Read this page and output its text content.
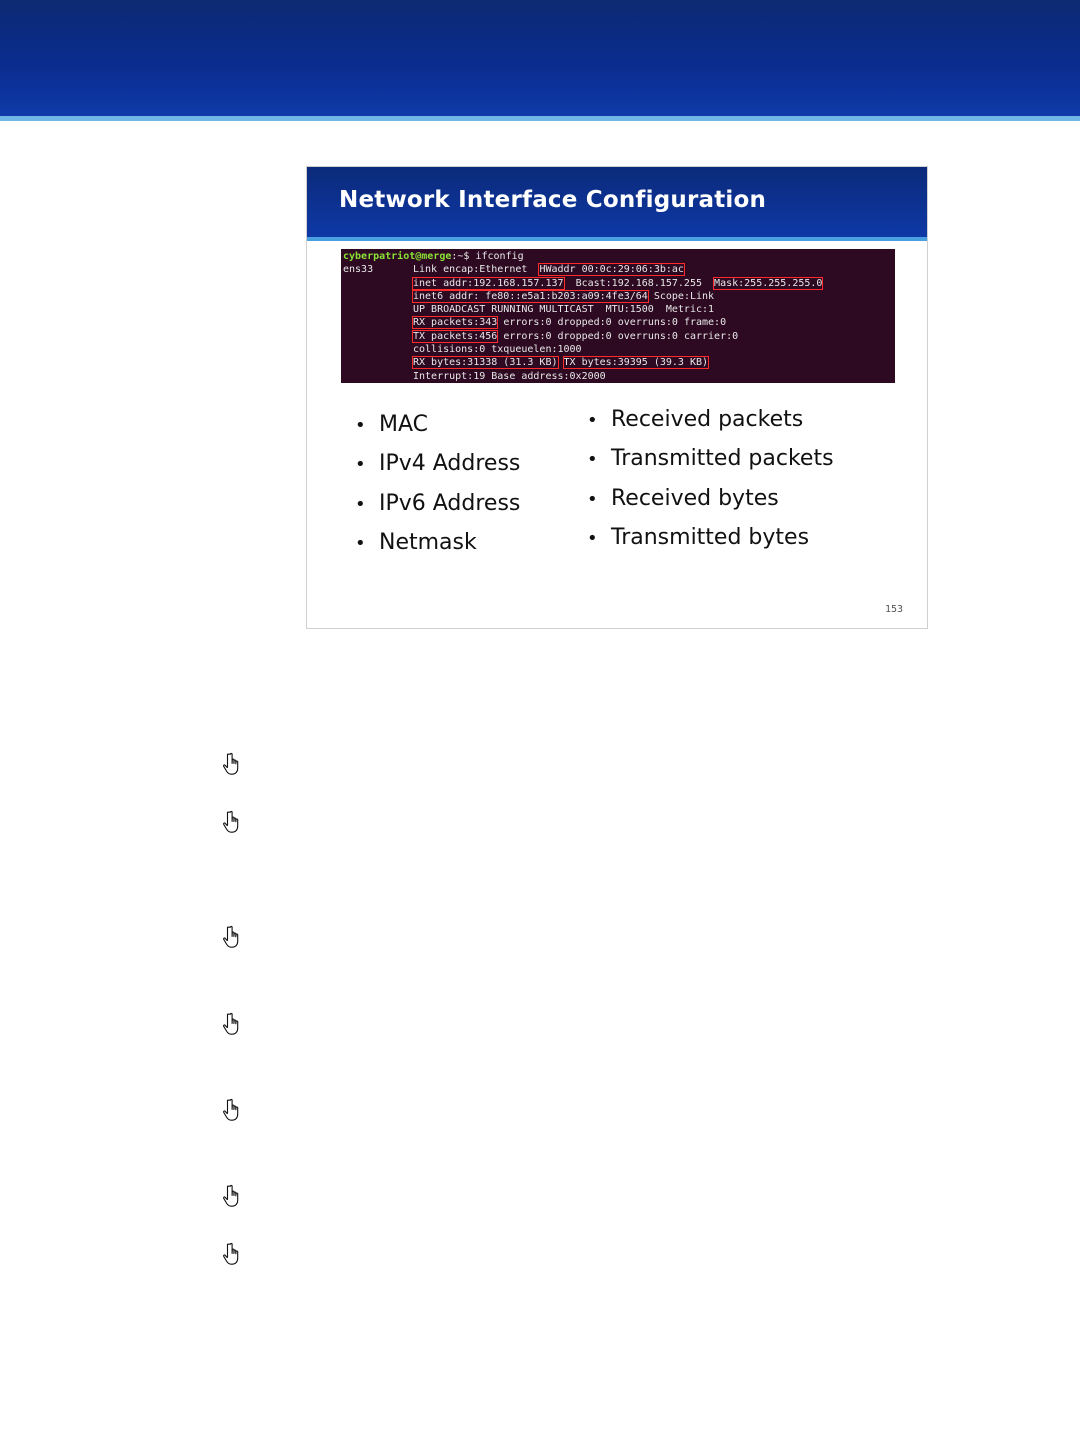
Network Interface Configuration
cyberpatriot@merge:~$ ifconfig
ens33	Link encap:Ethernet HWaddr 00:0c:29:06:3b:ac
inet addr:192.168.157.137 Bcast:192.168.157.255 Mask:255.255.255.0
inet6 addr: fe80::e5a1:b203:a09:4fe3/64 Scope:Link
UP BROADCAST RUNNING MULTICAST  MTU:1500  Metric:1
RX packets:343 errors:0 dropped:0 overruns:0 frame:0
TX packets:456 errors:0 dropped:0 overruns:0 carrier:0
collisions:0 txqueuelen:1000
RX bytes:31338 (31.3 KB) TX bytes:39395 (39.3 KB)
Interrupt:19 Base address:0x2000
• MAC
• IPv4 Address
• IPv6 Address
• Netmask
• Received packets
• Transmitted packets
• Received bytes
• Transmitted bytes
153
